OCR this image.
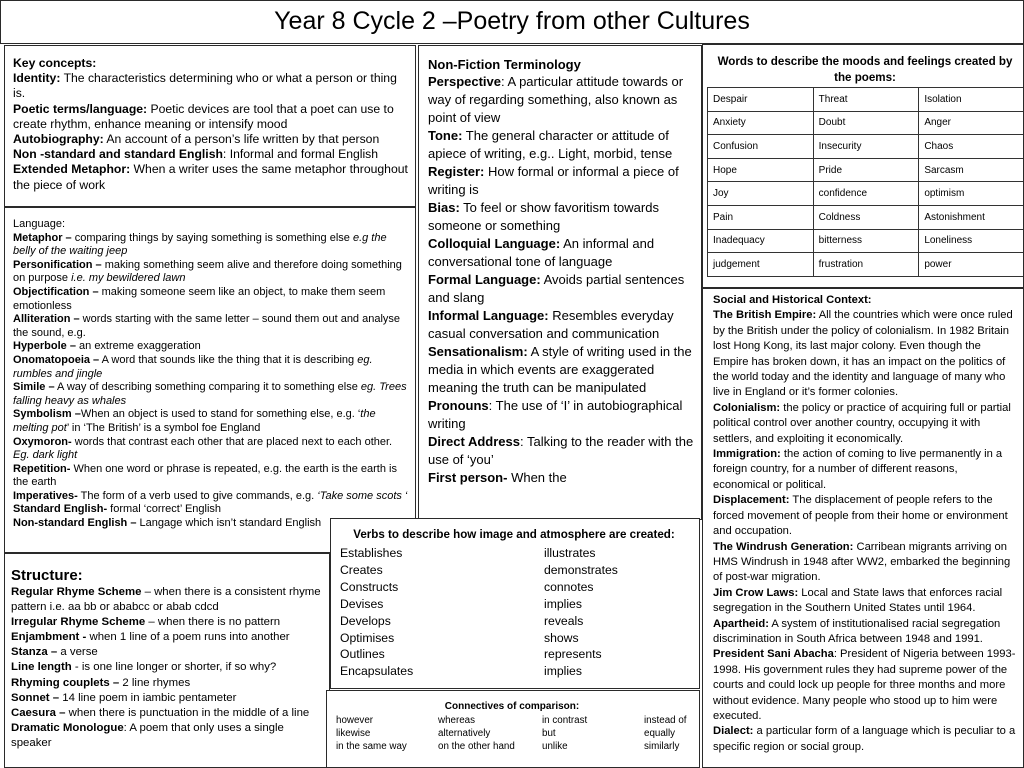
Year 8 Cycle 2 –Poetry from other Cultures

Key concepts:

Identity: The characteristics determining who or what a person or thing is.

Poetic terms/language: Poetic devices are tool that a poet can use to create rhythm, enhance meaning or intensify mood

Autobiography: An account of a person’s life written by that person

Non -standard and standard English: Informal and formal English

Extended Metaphor: When a writer uses the same metaphor throughout the piece of work

Language:

Metaphor – comparing things by saying something is something else e.g the belly of the waiting jeep

Personification – making something seem alive and therefore doing something on purpose i.e. my bewildered lawn

Objectification – making someone seem like an object, to make them seem emotionless

Alliteration – words starting with the same letter – sound them out and analyse the sound, e.g.

Hyperbole – an extreme exaggeration

Onomatopoeia – A word that sounds like the thing that it is describing eg. rumbles and jingle

Simile – A way of describing something comparing it to something else eg. Trees falling heavy as whales

Symbolism –When an object is used to stand for something else, e.g. ‘the melting pot’ in ‘The British’ is a symbol foe England

Oxymoron- words that contrast each other that are placed next to each other. Eg. dark light

Repetition- When one word or phrase is repeated, e.g. the earth is the earth is the earth

Imperatives- The form of a verb used to give commands, e.g. ‘Take some scots ‘

Standard English- formal ‘correct’ English

Non-standard English – Langage which isn’t standard English

Structure:

Regular Rhyme Scheme – when there is a consistent rhyme pattern i.e. aa bb or ababcc or abab cdcd

Irregular Rhyme Scheme – when there is no pattern

Enjambment - when 1 line of a poem runs into another

Stanza – a verse

Line length - is one line longer or shorter, if so why?

Rhyming couplets – 2 line rhymes

Sonnet – 14 line poem in iambic pentameter

Caesura – when there is punctuation in the middle of a line

Dramatic Monologue: A poem that only uses a single speaker

Non-Fiction Terminology

Perspective: A particular attitude towards or way of regarding something, also known as point of view

Tone: The general character or attitude of apiece of writing, e.g.. Light, morbid, tense

Register: How formal or informal a piece of writing is

Bias: To feel or show favoritism towards someone or something

Colloquial Language: An informal and conversational tone of language

Formal Language: Avoids partial sentences and slang

Informal Language: Resembles everyday casual conversation and communication

Sensationalism: A style of writing used in the media in which events are exaggerated meaning the truth can be manipulated

Pronouns: The use of ‘I’ in autobiographical writing

Direct Address: Talking to the reader with the use of ‘you’

First person- When the

Words to describe the moods and feelings created by the poems:

Despair	Threat	Isolation
Anxiety	Doubt	Anger
Confusion	Insecurity	Chaos
Hope	Pride	Sarcasm
Joy	confidence	optimism
Pain	Coldness	Astonishment
Inadequacy	bitterness	Loneliness
judgement	frustration	power

Social and Historical Context:

The British Empire: All the countries which were once ruled by the British under the policy of colonialism. In 1982 Britain lost Hong Kong, its last major colony. Even though the Empire has broken down, it has an impact on the politics of the world today and the identity and language of many who live in England or it’s former colonies.

Colonialism: the policy or practice of acquiring full or partial political control over another country, occupying it with settlers, and exploiting it economically.

Immigration: the action of coming to live permanently in a foreign country, for a number of different reasons, economical or political.

Displacement: The displacement of people refers to the forced movement of people from their home or environment and occupation.

The Windrush Generation: Carribean migrants arriving on HMS Windrush in 1948 after WW2, embarked the beginning of post-war migration.

Jim Crow Laws: Local and State laws that enforces racial segregation in the Southern United States until 1964.

Apartheid: A system of institutionalised racial segregation discrimination in South Africa between 1948 and 1991.

President Sani Abacha: President of Nigeria between 1993-1998. His government rules they had supreme power of the courts and could lock up people for three months and more without evidence. Many people who stood up to him were executed.

Dialect: a particular form of a language which is peculiar to a specific region or social group.

Verbs to describe how image and atmosphere are created:

Establishes	illustrates
Creates	demonstrates
Constructs	connotes
Devises	implies
Develops	reveals
Optimises	shows
Outlines	represents
Encapsulates	implies

Connectives of comparison:

however	whereas	in contrast	instead of
likewise	alternatively	but	equally
in the same way	on the other hand	unlike	similarly
